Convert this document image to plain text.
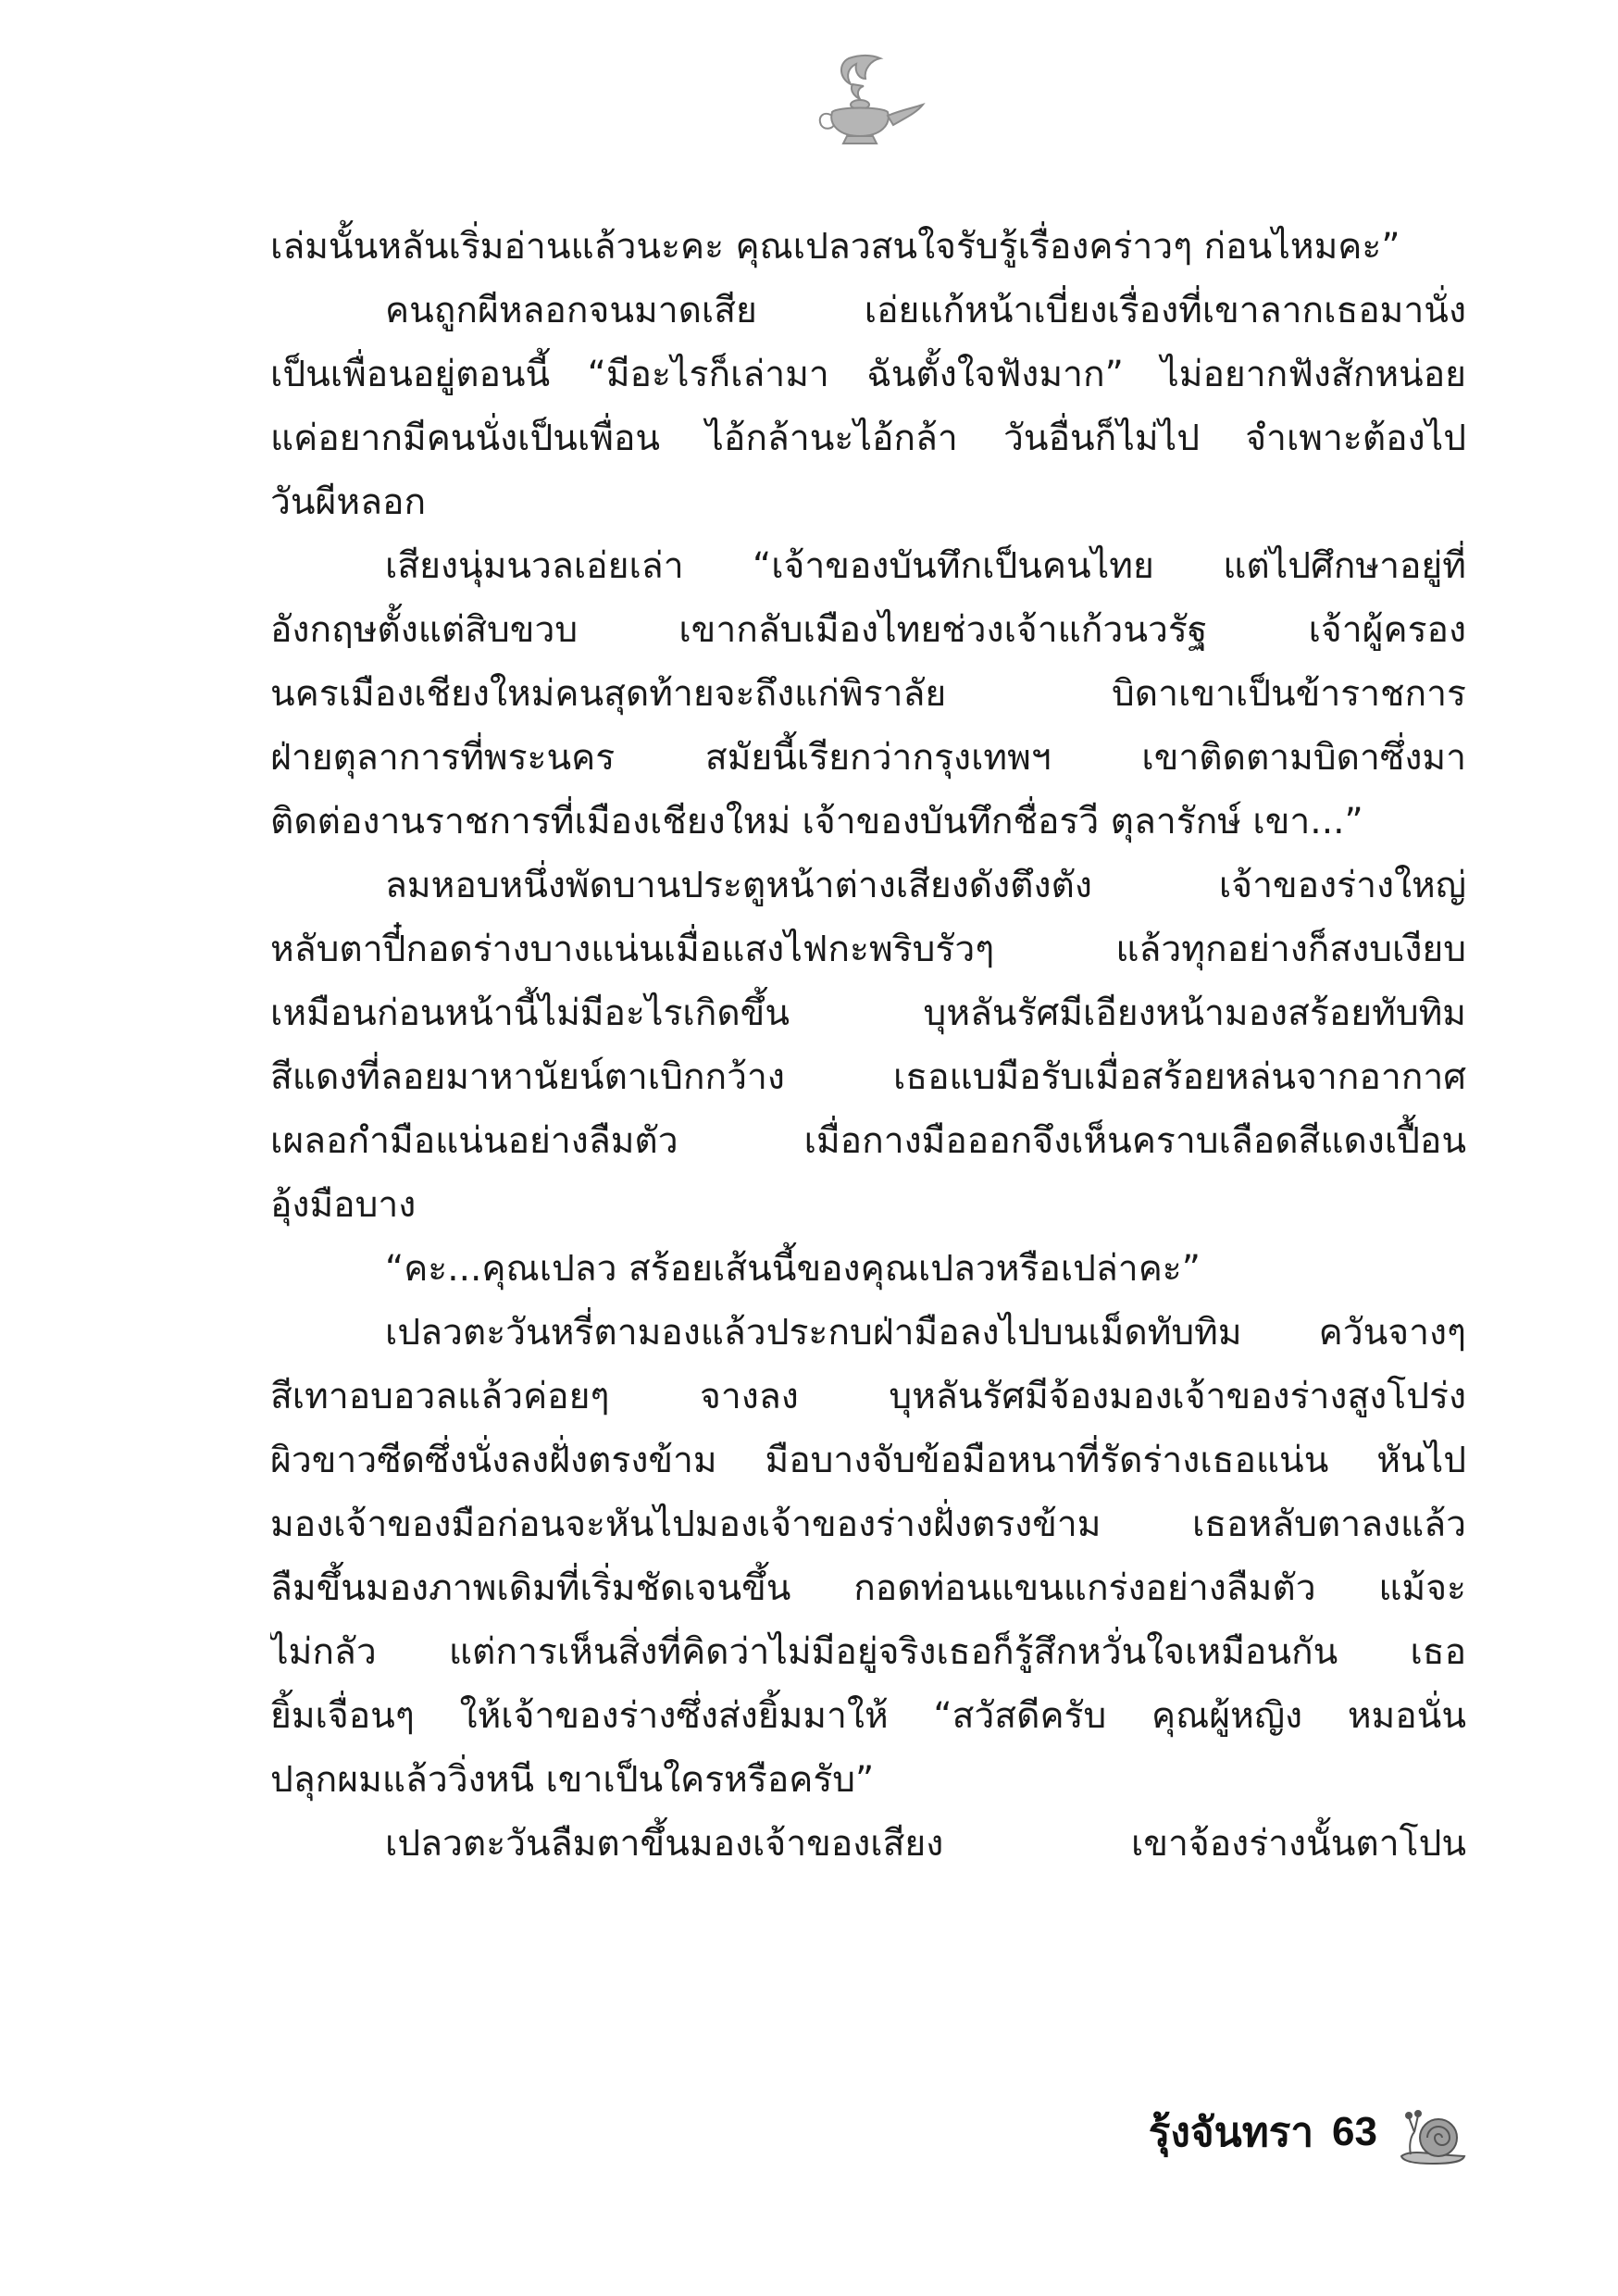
เล่มนั้นหลันเริ่มอ่านแล้วนะคะ คุณเปลวสนใจรับรู้เรื่องคร่าวๆ ก่อนไหมคะ”
คนถูกผีหลอกจนมาดเสีย เอ่ยแก้หน้าเบี่ยงเรื่องที่เขาลากเธอมานั่ง
เป็นเพื่อนอยู่ตอนนี้ “มีอะไรก็เล่ามา ฉันตั้งใจฟังมาก” ไม่อยากฟังสักหน่อย
แค่อยากมีคนนั่งเป็นเพื่อน ไอ้กล้านะไอ้กล้า วันอื่นก็ไม่ไป จำเพาะต้องไป
วันผีหลอก
เสียงนุ่มนวลเอ่ยเล่า “เจ้าของบันทึกเป็นคนไทย แต่ไปศึกษาอยู่ที่
อังกฤษตั้งแต่สิบขวบ เขากลับเมืองไทยช่วงเจ้าแก้วนวรัฐ เจ้าผู้ครอง
นครเมืองเชียงใหม่คนสุดท้ายจะถึงแก่พิราลัย บิดาเขาเป็นข้าราชการ
ฝ่ายตุลาการที่พระนคร สมัยนี้เรียกว่ากรุงเทพฯ เขาติดตามบิดาซึ่งมา
ติดต่องานราชการที่เมืองเชียงใหม่ เจ้าของบันทึกชื่อรวี ตุลารักษ์ เขา...”
ลมหอบหนึ่งพัดบานประตูหน้าต่างเสียงดังตึงตัง เจ้าของร่างใหญ่
หลับตาปี๋กอดร่างบางแน่นเมื่อแสงไฟกะพริบรัวๆ แล้วทุกอย่างก็สงบเงียบ
เหมือนก่อนหน้านี้ไม่มีอะไรเกิดขึ้น บุหลันรัศมีเอียงหน้ามองสร้อยทับทิม
สีแดงที่ลอยมาหานัยน์ตาเบิกกว้าง เธอแบมือรับเมื่อสร้อยหล่นจากอากาศ
เผลอกำมือแน่นอย่างลืมตัว เมื่อกางมือออกจึงเห็นคราบเลือดสีแดงเปื้อน
อุ้งมือบาง
“คะ...คุณเปลว สร้อยเส้นนี้ของคุณเปลวหรือเปล่าคะ”
เปลวตะวันหรี่ตามองแล้วประกบฝ่ามือลงไปบนเม็ดทับทิม ควันจางๆ
สีเทาอบอวลแล้วค่อยๆ จางลง บุหลันรัศมีจ้องมองเจ้าของร่างสูงโปร่ง
ผิวขาวซีดซึ่งนั่งลงฝั่งตรงข้าม มือบางจับข้อมือหนาที่รัดร่างเธอแน่น หันไป
มองเจ้าของมือก่อนจะหันไปมองเจ้าของร่างฝั่งตรงข้าม เธอหลับตาลงแล้ว
ลืมขึ้นมองภาพเดิมที่เริ่มชัดเจนขึ้น กอดท่อนแขนแกร่งอย่างลืมตัว แม้จะ
ไม่กลัว แต่การเห็นสิ่งที่คิดว่าไม่มีอยู่จริงเธอก็รู้สึกหวั่นใจเหมือนกัน เธอ
ยิ้มเจื่อนๆ ให้เจ้าของร่างซึ่งส่งยิ้มมาให้ “สวัสดีครับ คุณผู้หญิง หมอนั่น
ปลุกผมแล้ววิ่งหนี เขาเป็นใครหรือครับ”
เปลวตะวันลืมตาขึ้นมองเจ้าของเสียง เขาจ้องร่างนั้นตาโปน
รุ้งจันทรา 63
